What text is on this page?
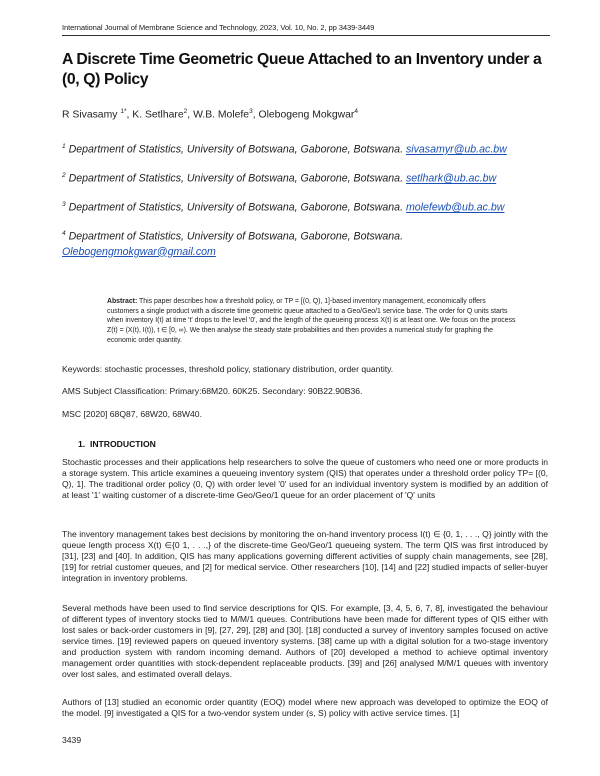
International Journal of Membrane Science and Technology, 2023, Vol. 10, No. 2, pp 3439-3449
A Discrete Time Geometric Queue Attached to an Inventory under a (0, Q) Policy
R Sivasamy $^{1*}$, K. Setlhare$^2$, W.B. Molefe$^3$, Olebogeng Mokgwar$^4$
$^1$ Department of Statistics, University of Botswana, Gaborone, Botswana. sivasamyr@ub.ac.bw
$^2$ Department of Statistics, University of Botswana, Gaborone, Botswana. setlhark@ub.ac.bw
$^3$ Department of Statistics, University of Botswana, Gaborone, Botswana. molefewb@ub.ac.bw
$^4$ Department of Statistics, University of Botswana, Gaborone, Botswana.
Olebogengmokgwar@gmail.com
Abstract: This paper describes how a threshold policy, or TP = [(0, Q), 1]-based inventory management, economically offers customers a single product with a discrete time geometric queue attached to a Geo/Geo/1 service base. The order for Q units starts when inventory I(t) at time 't' drops to the level '0', and the length of the queueing process X(t) is at least one. We focus on the process Z(t) = (X(t), I(t)), t ∈ [0, ∞). We then analyse the steady state probabilities and then provides a numerical study for graphing the economic order quantity.
Keywords: stochastic processes, threshold policy, stationary distribution, order quantity.
AMS Subject Classification: Primary:68M20. 60K25. Secondary: 90B22.90B36.
MSC [2020] 68Q87, 68W20, 68W40.
1. INTRODUCTION
Stochastic processes and their applications help researchers to solve the queue of customers who need one or more products in a storage system. This article examines a queueing inventory system (QIS) that operates under a threshold order policy TP= [(0, Q), 1]. The traditional order policy (0, Q) with order level '0' used for an individual inventory system is modified by an addition of at least '1' waiting customer of a discrete-time Geo/Geo/1 queue for an order placement of 'Q' units
The inventory management takes best decisions by monitoring the on-hand inventory process I(t) ∈ {0, 1, . . ., Q} jointly with the queue length process X(t) ∈{0 1, . . .,} of the discrete-time Geo/Geo/1 queueing system. The term QIS was first introduced by [31], [23] and [40]. In addition, QIS has many applications governing different activities of supply chain managements, see [28], [19] for retrial customer queues, and [2] for medical service. Other researchers [10], [14] and [22] studied impacts of seller-buyer integration in inventory problems.
Several methods have been used to find service descriptions for QIS. For example, [3, 4, 5, 6, 7, 8], investigated the behaviour of different types of inventory stocks tied to M/M/1 queues. Contributions have been made for different types of QIS either with lost sales or back-order customers in [9], [27, 29], [28] and [30]. [18] conducted a survey of inventory samples focused on active service times. [19] reviewed papers on queued inventory systems. [38] came up with a digital solution for a two-stage inventory and production system with random incoming demand. Authors of [20] developed a method to achieve optimal inventory management order quantities with stock-dependent replaceable products. [39] and [26] analysed M/M/1 queues with inventory over lost sales, and estimated overall delays.
Authors of [13] studied an economic order quantity (EOQ) model where new approach was developed to optimize the EOQ of the model. [9] investigated a QIS for a two-vendor system under (s, S) policy with active service times. [1]
3439
